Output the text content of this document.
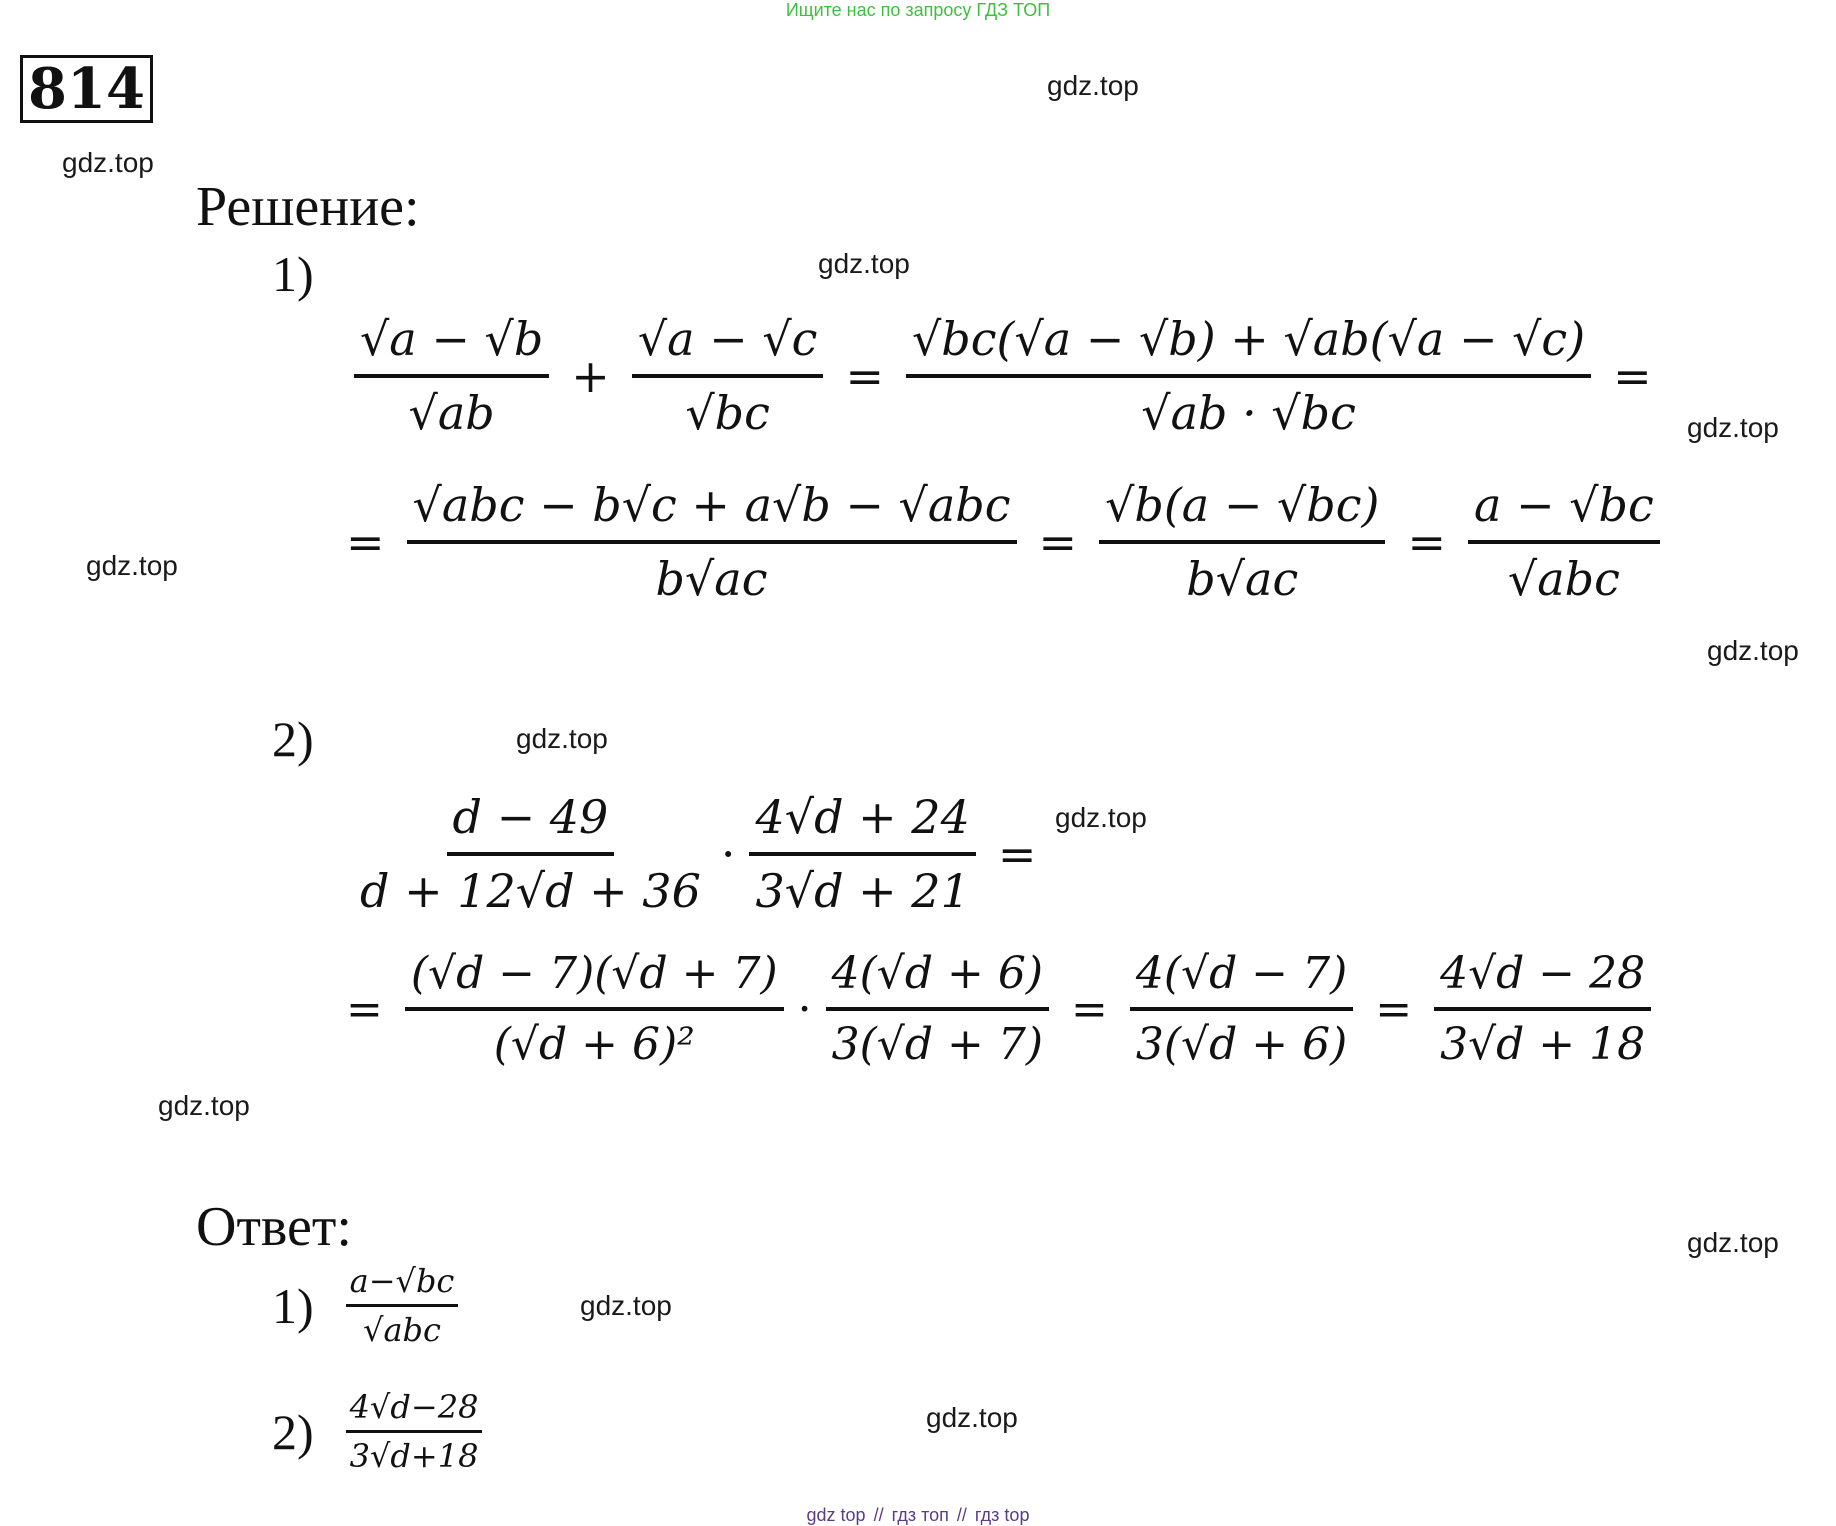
Ищите нас по запросу ГДЗ ТОП
814
Решение:
1)
$\frac{√a - √b}{√ab} + \frac{√a - √c}{√bc} = \frac{√bc(√a - √b) + √ab(√a - √c)}{√ab \cdot √bc}$ =
= $\frac{\text{√abc − b√c + a√b − √abc}}{b√ac} = \frac{√b(a - √bc)}{b√ac} = \frac{a - √bc}{\text{√abc}}$
2)
$\frac{d - 49}{d + 12√d + 36} \cdot \frac{4√d + 24}{3√d + 21}$ =
= $\frac{(√d - 7)(√d + 7)}{\text{(√d + 6)²}} \cdot \frac{4(√d + 6)}{3(√d + 7)} = \frac{4(√d - 7)}{3(√d + 6)} = \frac{4√d - 28}{3√d + 18}$
Ответ:
$1) \frac{a-√bc}{\text{√abc}}$
$2) \frac{4√d-28}{3√d+18}$
gdz.top
gdz.top
gdz.top
gdz.top
gdz.top
gdz.top
gdz.top
gdz.top
gdz.top
gdz.top
gdz.top
gdz.top
gdz top // гдз топ // гдз top
